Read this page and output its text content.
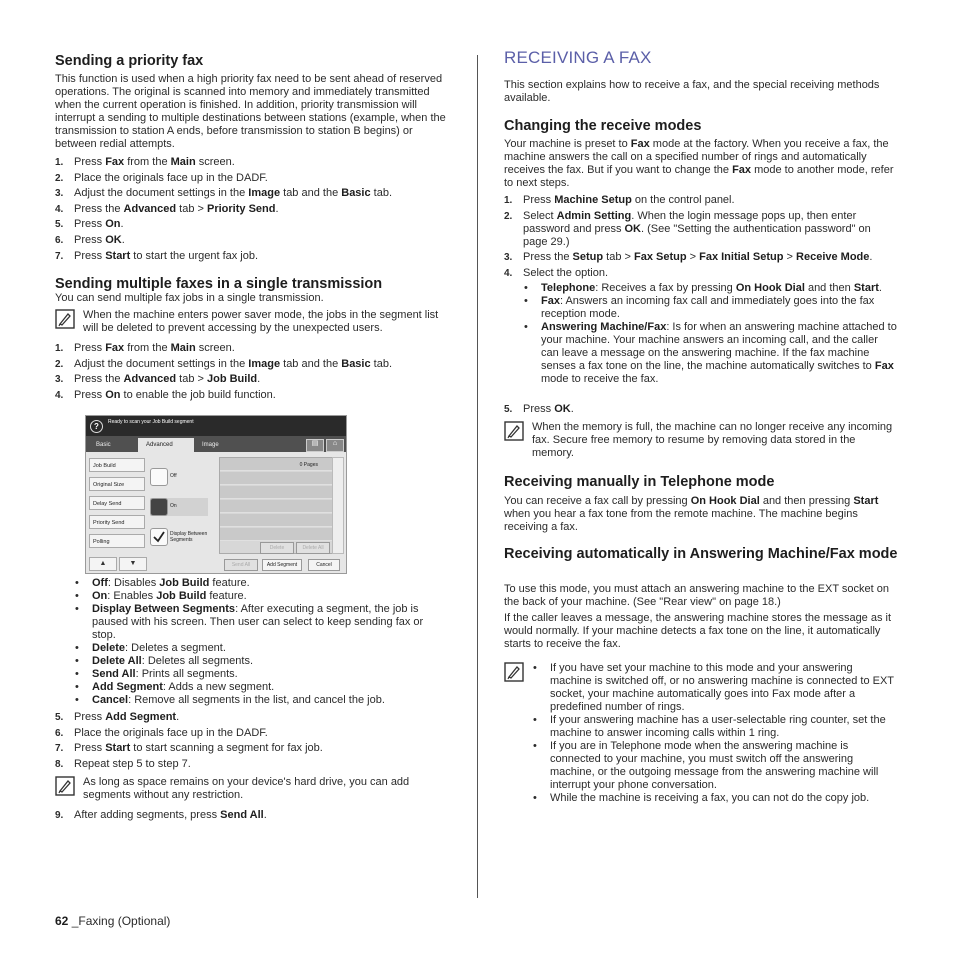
Sending a priority fax

This function is used when a high priority fax need to be sent ahead of reserved operations. The original is scanned into memory and immediately transmitted when the current operation is finished. In addition, priority transmission will interrupt a sending to multiple destinations between stations (example, when the transmission to station A ends, before transmission to station B begins) or between redial attempts.

1. Press Fax from the Main screen.
2. Place the originals face up in the DADF.
3. Adjust the document settings in the Image tab and the Basic tab.
4. Press the Advanced tab > Priority Send.
5. Press On.
6. Press OK.
7. Press Start to start the urgent fax job.
Sending multiple faxes in a single transmission

You can send multiple fax jobs in a single transmission.

When the machine enters power saver mode, the jobs in the segment list will be deleted to prevent accessing by the unexpected users.
1. Press Fax from the Main screen.
2. Adjust the document settings in the Image tab and the Basic tab.
3. Press the Advanced tab > Job Build.
4. Press On to enable the job build function.
?	Ready to scan your Job Build segment
Basic	Advanced	Image	▤	⌂
Job Build
Original Size
Delay Send
Priority Send
Polling
▲	▼
Off
On
Display Between Segments
0 Pages
Delete	Delete All
Send All	Add Segment	Cancel
• Off: Disables Job Build feature.
• On: Enables Job Build feature.
• Display Between Segments: After executing a segment, the job is paused with his screen. Then user can select to keep sending fax or stop.
• Delete: Deletes a segment.
• Delete All: Deletes all segments.
• Send All: Prints all segments.
• Add Segment: Adds a new segment.
• Cancel: Remove all segments in the list, and cancel the job.
5. Press Add Segment.
6. Place the originals face up in the DADF.
7. Press Start to start scanning a segment for fax job.
8. Repeat step 5 to step 7.
As long as space remains on your device's hard drive, you can add segments without any restriction.
9. After adding segments, press Send All.
RECEIVING A FAX

This section explains how to receive a fax, and the special receiving methods available.

Changing the receive modes

Your machine is preset to Fax mode at the factory. When you receive a fax, the machine answers the call on a specified number of rings and automatically receives the fax. But if you want to change the Fax mode to another mode, refer to next steps.

1. Press Machine Setup on the control panel.
2. Select Admin Setting. When the login message pops up, then enter password and press OK. (See "Setting the authentication password" on page 29.)
3. Press the Setup tab > Fax Setup > Fax Initial Setup > Receive Mode.
4. Select the option.
• Telephone: Receives a fax by pressing On Hook Dial and then Start.
• Fax: Answers an incoming fax call and immediately goes into the fax reception mode.
• Answering Machine/Fax: Is for when an answering machine attached to your machine. Your machine answers an incoming call, and the caller can leave a message on the answering machine. If the fax machine senses a fax tone on the line, the machine automatically switches to Fax mode to receive the fax.
5. Press OK.
When the memory is full, the machine can no longer receive any incoming fax. Secure free memory to resume by removing data stored in the memory.
Receiving manually in Telephone mode

You can receive a fax call by pressing On Hook Dial and then pressing Start when you hear a fax tone from the remote machine. The machine begins receiving a fax.

Receiving automatically in Answering Machine/Fax mode

To use this mode, you must attach an answering machine to the EXT socket on the back of your machine. (See "Rear view" on page 18.)

If the caller leaves a message, the answering machine stores the message as it would normally. If your machine detects a fax tone on the line, it automatically starts to receive the fax.

• If you have set your machine to this mode and your answering machine is switched off, or no answering machine is connected to EXT socket, your machine automatically goes into Fax mode after a predefined number of rings.
• If your answering machine has a user-selectable ring counter, set the machine to answer incoming calls within 1 ring.
• If you are in Telephone mode when the answering machine is connected to your machine, you must switch off the answering machine, or the outgoing message from the answering machine will interrupt your phone conversation.
• While the machine is receiving a fax, you can not do the copy job.
62 _Faxing (Optional)
